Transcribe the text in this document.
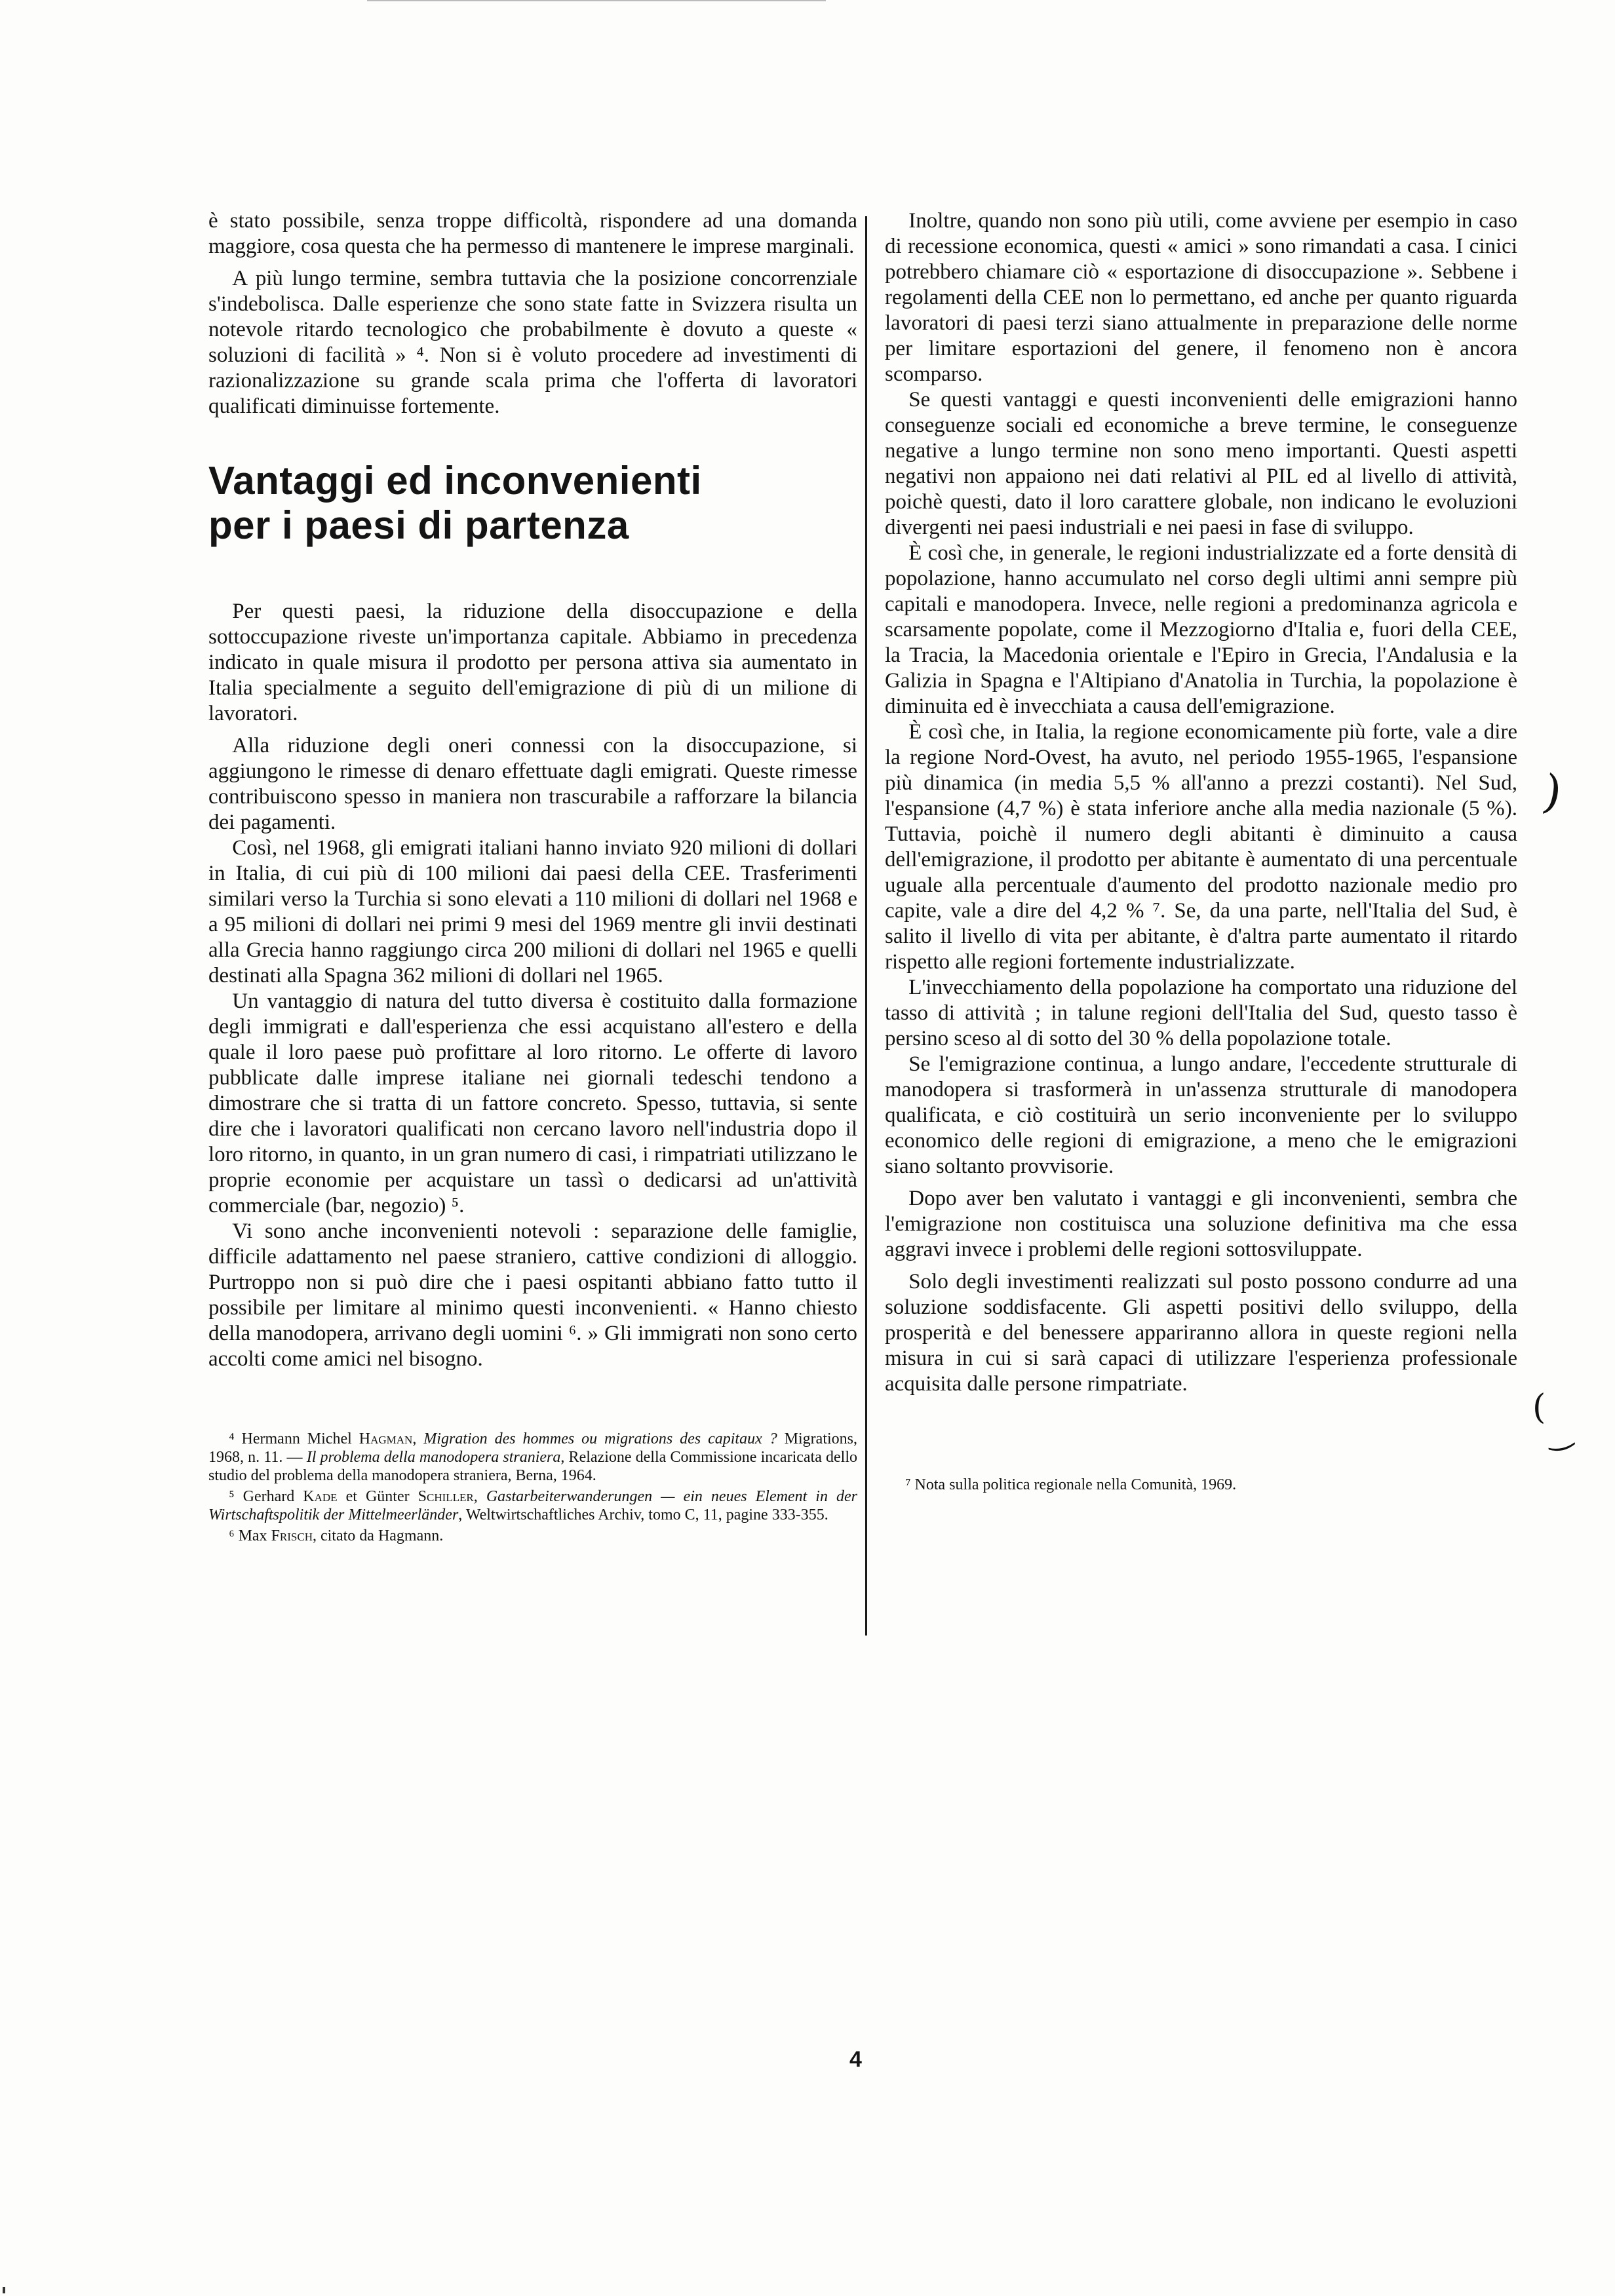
è stato possibile, senza troppe difficoltà, rispondere ad una domanda maggiore, cosa questa che ha permesso di mantenere le imprese marginali.

A più lungo termine, sembra tuttavia che la posizione concorrenziale s'indebolisca. Dalle esperienze che sono state fatte in Svizzera risulta un notevole ritardo tecnologico che probabilmente è dovuto a queste « soluzioni di facilità » ⁴. Non si è voluto procedere ad investimenti di razionalizzazione su grande scala prima che l'offerta di lavoratori qualificati diminuisse fortemente.

Vantaggi ed inconvenienti
per i paesi di partenza

Per questi paesi, la riduzione della disoccupazione e della sottoccupazione riveste un'importanza capitale. Abbiamo in precedenza indicato in quale misura il prodotto per persona attiva sia aumentato in Italia specialmente a seguito dell'emigrazione di più di un milione di lavoratori.

Alla riduzione degli oneri connessi con la disoccupazione, si aggiungono le rimesse di denaro effettuate dagli emigrati. Queste rimesse contribuiscono spesso in maniera non trascurabile a rafforzare la bilancia dei pagamenti.

Così, nel 1968, gli emigrati italiani hanno inviato 920 milioni di dollari in Italia, di cui più di 100 milioni dai paesi della CEE. Trasferimenti similari verso la Turchia si sono elevati a 110 milioni di dollari nel 1968 e a 95 milioni di dollari nei primi 9 mesi del 1969 mentre gli invii destinati alla Grecia hanno raggiungo circa 200 milioni di dollari nel 1965 e quelli destinati alla Spagna 362 milioni di dollari nel 1965.

Un vantaggio di natura del tutto diversa è costituito dalla formazione degli immigrati e dall'esperienza che essi acquistano all'estero e della quale il loro paese può profittare al loro ritorno. Le offerte di lavoro pubblicate dalle imprese italiane nei giornali tedeschi tendono a dimostrare che si tratta di un fattore concreto. Spesso, tuttavia, si sente dire che i lavoratori qualificati non cercano lavoro nell'industria dopo il loro ritorno, in quanto, in un gran numero di casi, i rimpatriati utilizzano le proprie economie per acquistare un tassì o dedicarsi ad un'attività commerciale (bar, negozio) ⁵.

Vi sono anche inconvenienti notevoli : separazione delle famiglie, difficile adattamento nel paese straniero, cattive condizioni di alloggio. Purtroppo non si può dire che i paesi ospitanti abbiano fatto tutto il possibile per limitare al minimo questi inconvenienti. « Hanno chiesto della manodopera, arrivano degli uomini ⁶. » Gli immigrati non sono certo accolti come amici nel bisogno.

⁴ Hermann Michel Hagman, Migration des hommes ou migrations des capitaux ? Migrations, 1968, n. 11. — Il problema della manodopera straniera, Relazione della Commissione incaricata dello studio del problema della manodopera straniera, Berna, 1964.

⁵ Gerhard Kade et Günter Schiller, Gastarbeiterwanderungen — ein neues Element in der Wirtschaftspolitik der Mittelmeerländer, Weltwirtschaftliches Archiv, tomo C, 11, pagine 333-355.

⁶ Max Frisch, citato da Hagmann.

Inoltre, quando non sono più utili, come avviene per esempio in caso di recessione economica, questi « amici » sono rimandati a casa. I cinici potrebbero chiamare ciò « esportazione di disoccupazione ». Sebbene i regolamenti della CEE non lo permettano, ed anche per quanto riguarda lavoratori di paesi terzi siano attualmente in preparazione delle norme per limitare esportazioni del genere, il fenomeno non è ancora scomparso.

Se questi vantaggi e questi inconvenienti delle emigrazioni hanno conseguenze sociali ed economiche a breve termine, le conseguenze negative a lungo termine non sono meno importanti. Questi aspetti negativi non appaiono nei dati relativi al PIL ed al livello di attività, poichè questi, dato il loro carattere globale, non indicano le evoluzioni divergenti nei paesi industriali e nei paesi in fase di sviluppo.

È così che, in generale, le regioni industrializzate ed a forte densità di popolazione, hanno accumulato nel corso degli ultimi anni sempre più capitali e manodopera. Invece, nelle regioni a predominanza agricola e scarsamente popolate, come il Mezzogiorno d'Italia e, fuori della CEE, la Tracia, la Macedonia orientale e l'Epiro in Grecia, l'Andalusia e la Galizia in Spagna e l'Altipiano d'Anatolia in Turchia, la popolazione è diminuita ed è invecchiata a causa dell'emigrazione.

È così che, in Italia, la regione economicamente più forte, vale a dire la regione Nord-Ovest, ha avuto, nel periodo 1955-1965, l'espansione più dinamica (in media 5,5 % all'anno a prezzi costanti). Nel Sud, l'espansione (4,7 %) è stata inferiore anche alla media nazionale (5 %). Tuttavia, poichè il numero degli abitanti è diminuito a causa dell'emigrazione, il prodotto per abitante è aumentato di una percentuale uguale alla percentuale d'aumento del prodotto nazionale medio pro capite, vale a dire del 4,2 % ⁷. Se, da una parte, nell'Italia del Sud, è salito il livello di vita per abitante, è d'altra parte aumentato il ritardo rispetto alle regioni fortemente industrializzate.

L'invecchiamento della popolazione ha comportato una riduzione del tasso di attività ; in talune regioni dell'Italia del Sud, questo tasso è persino sceso al di sotto del 30 % della popolazione totale.

Se l'emigrazione continua, a lungo andare, l'eccedente strutturale di manodopera si trasformerà in un'assenza strutturale di manodopera qualificata, e ciò costituirà un serio inconveniente per lo sviluppo economico delle regioni di emigrazione, a meno che le emigrazioni siano soltanto provvisorie.

Dopo aver ben valutato i vantaggi e gli inconvenienti, sembra che l'emigrazione non costituisca una soluzione definitiva ma che essa aggravi invece i problemi delle regioni sottosviluppate.

Solo degli investimenti realizzati sul posto possono condurre ad una soluzione soddisfacente. Gli aspetti positivi dello sviluppo, della prosperità e del benessere appariranno allora in queste regioni nella misura in cui si sarà capaci di utilizzare l'esperienza professionale acquisita dalle persone rimpatriate.

⁷ Nota sulla politica regionale nella Comunità, 1969.

)
(
‿
4
